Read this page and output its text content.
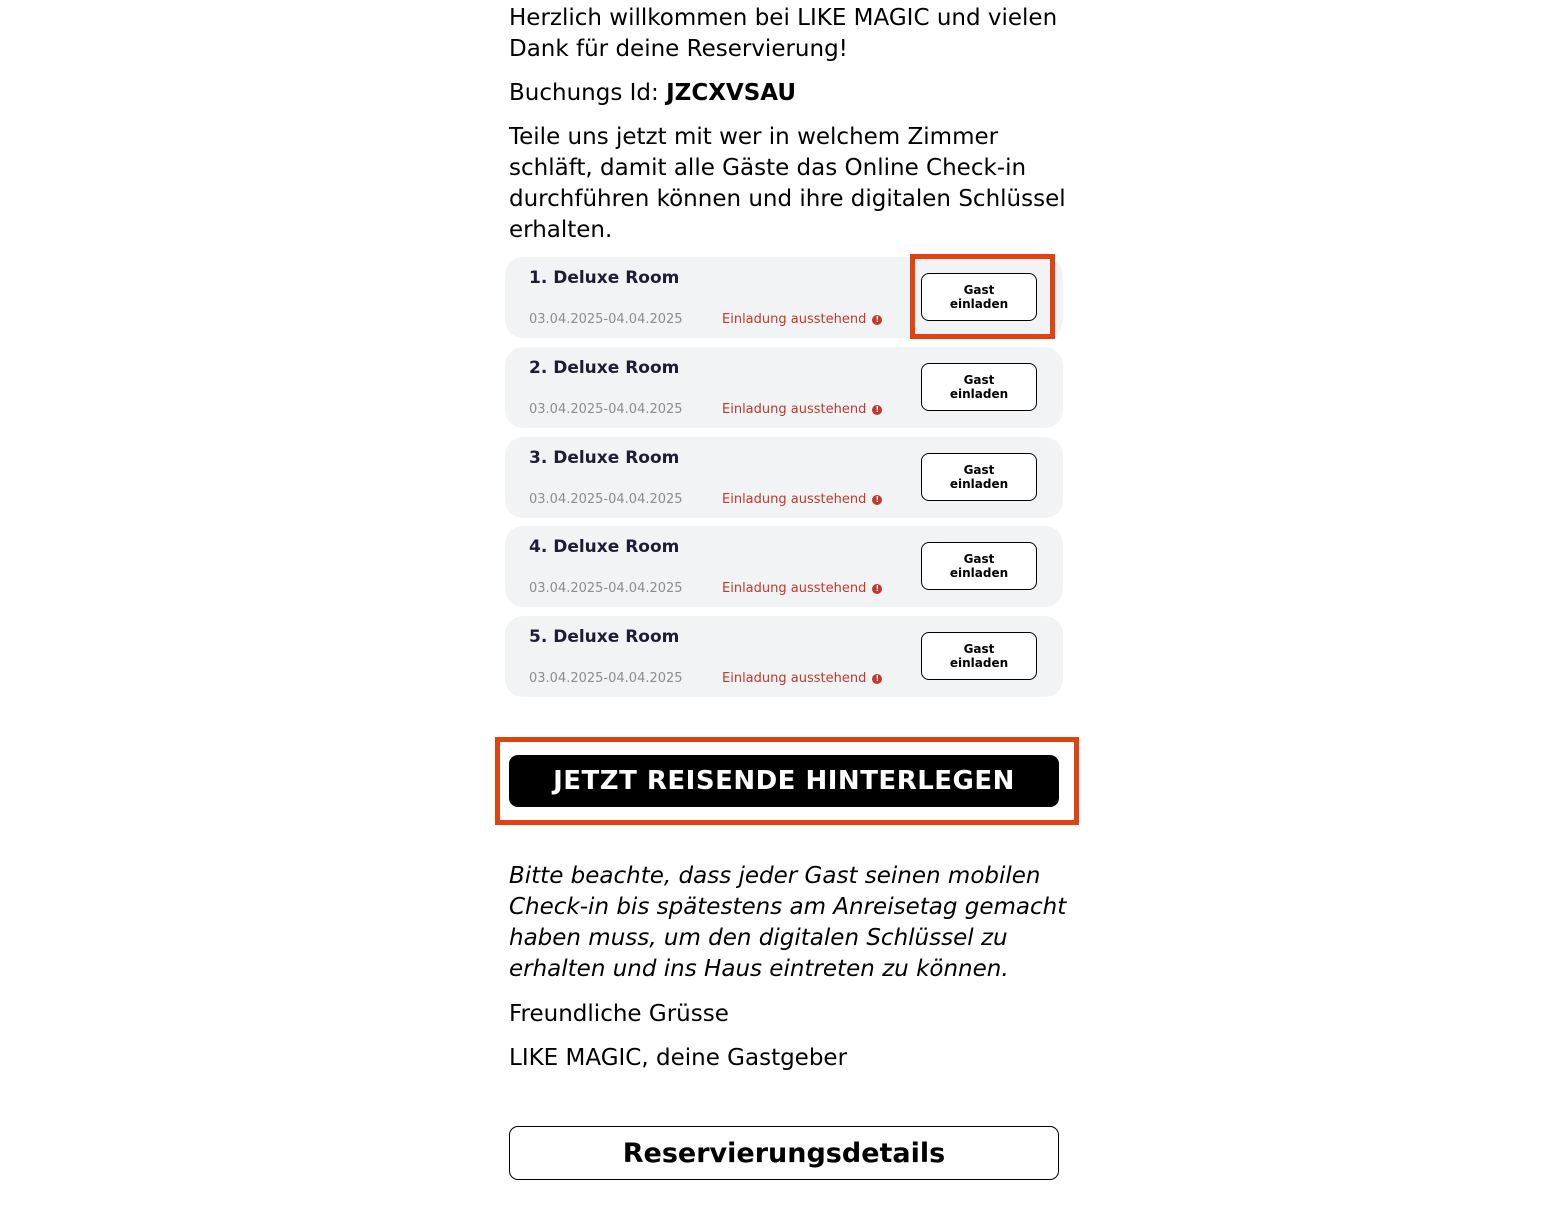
Herzlich willkommen bei LIKE MAGIC und vielen Dank für deine Reservierung!

Buchungs Id: JZCXVSAU

Teile uns jetzt mit wer in welchem Zimmer schläft, damit alle Gäste das Online Check-in durchführen können und ihre digitalen Schlüssel erhalten.

1. Deluxe Room
03.04.2025-04.04.2025	Einladung ausstehend !
Gast einladen
2. Deluxe Room
03.04.2025-04.04.2025	Einladung ausstehend !
Gast einladen
3. Deluxe Room
03.04.2025-04.04.2025	Einladung ausstehend !
Gast einladen
4. Deluxe Room
03.04.2025-04.04.2025	Einladung ausstehend !
Gast einladen
5. Deluxe Room
03.04.2025-04.04.2025	Einladung ausstehend !
Gast einladen
JETZT REISENDE HINTERLEGEN

Bitte beachte, dass jeder Gast seinen mobilen Check-in bis spätestens am Anreisetag gemacht haben muss, um den digitalen Schlüssel zu erhalten und ins Haus eintreten zu können.

Freundliche Grüsse

LIKE MAGIC, deine Gastgeber

Reservierungsdetails
